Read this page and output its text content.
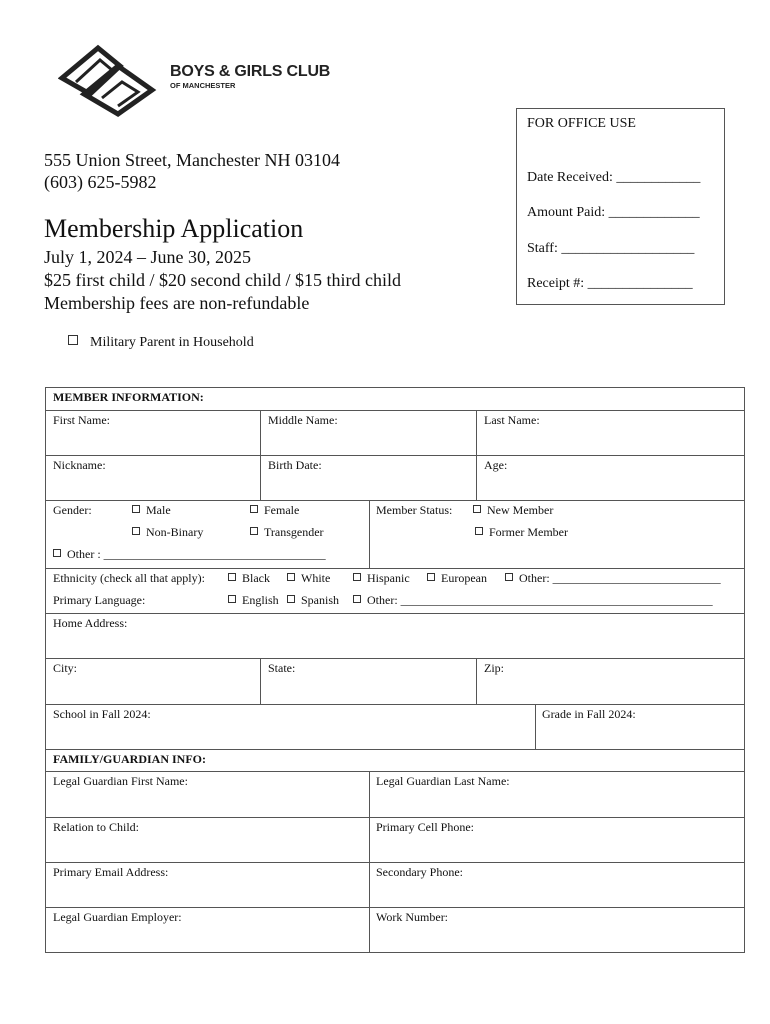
BOYS & GIRLS CLUB
OF MANCHESTER
FOR OFFICE USE
Date Received: ____________
Amount Paid: _____________
Staff: ___________________
Receipt #: _______________
555 Union Street, Manchester NH 03104
(603) 625-5982
Membership Application
July 1, 2024 – June 30, 2025
$25 first child / $20 second child / $15 third child
Membership fees are non-refundable
Military Parent in Household
MEMBER INFORMATION:
First Name:	Middle Name:	Last Name:
Nickname:	Birth Date:	Age:
Gender:	Male	Female
Non-Binary	Transgender
Other : _____________________________________
Member Status:	New Member
Former Member
Ethnicity (check all that apply):	Black	White	Hispanic	European	Other: ____________________________
Primary Language:	English	Spanish	Other: ____________________________________________________
Home Address:
City:	State:	Zip:
School in Fall 2024:	Grade in Fall 2024:
FAMILY/GUARDIAN INFO:
Legal Guardian First Name:	Legal Guardian Last Name:
Relation to Child:	Primary Cell Phone:
Primary Email Address:	Secondary Phone:
Legal Guardian Employer:	Work Number:
